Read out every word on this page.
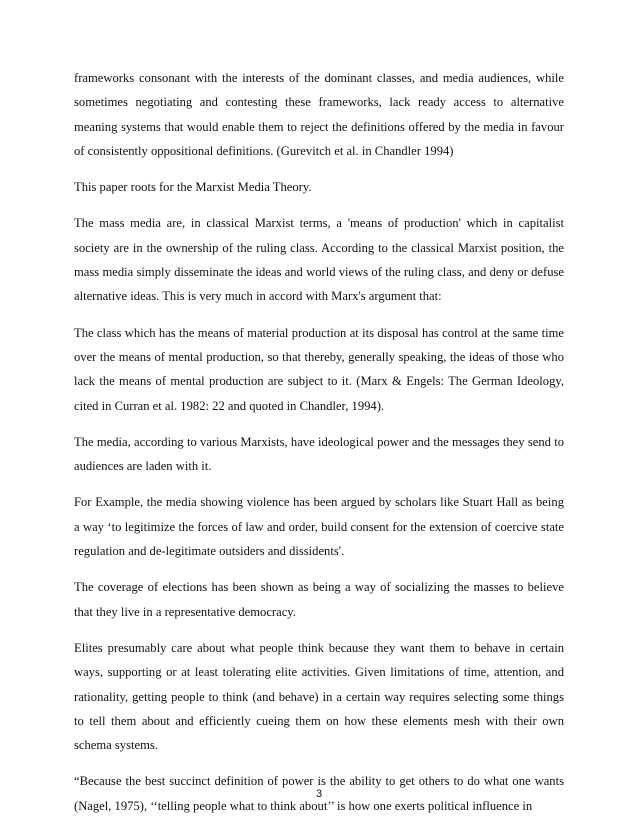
frameworks consonant with the interests of the dominant classes, and media audiences, while sometimes negotiating and contesting these frameworks, lack ready access to alternative meaning systems that would enable them to reject the definitions offered by the media in favour of consistently oppositional definitions. (Gurevitch et al. in Chandler 1994)

This paper roots for the Marxist Media Theory.

The mass media are, in classical Marxist terms, a 'means of production' which in capitalist society are in the ownership of the ruling class. According to the classical Marxist position, the mass media simply disseminate the ideas and world views of the ruling class, and deny or defuse alternative ideas. This is very much in accord with Marx's argument that:

The class which has the means of material production at its disposal has control at the same time over the means of mental production, so that thereby, generally speaking, the ideas of those who lack the means of mental production are subject to it. (Marx & Engels: The German Ideology, cited in Curran et al. 1982: 22 and quoted in Chandler, 1994).

The media, according to various Marxists, have ideological power and the messages they send to audiences are laden with it.

For Example, the media showing violence has been argued by scholars like Stuart Hall as being a way ‘to legitimize the forces of law and order, build consent for the extension of coercive state regulation and de-legitimate outsiders and dissidents'.

The coverage of elections has been shown as being a way of socializing the masses to believe that they live in a representative democracy.

Elites presumably care about what people think because they want them to behave in certain ways, supporting or at least tolerating elite activities. Given limitations of time, attention, and rationality, getting people to think (and behave) in a certain way requires selecting some things to tell them about and efficiently cueing them on how these elements mesh with their own schema systems.

“Because the best succinct definition of power is the ability to get others to do what one wants (Nagel, 1975), ‘‘telling people what to think about’’ is how one exerts political influence in

3
